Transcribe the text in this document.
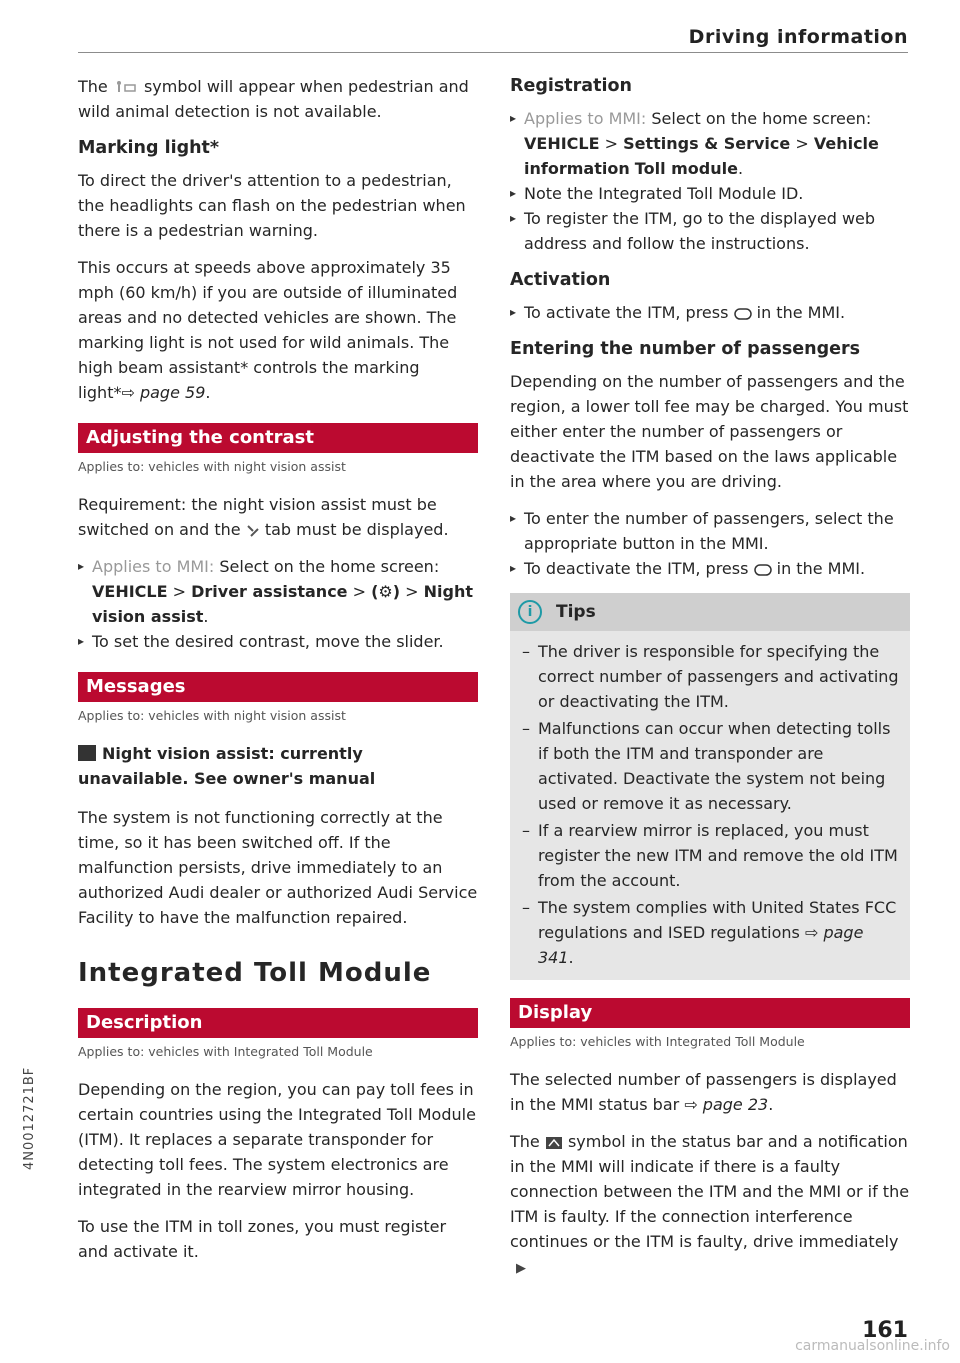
Driving information

The symbol will appear when pedestrian and wild animal detection is not available.

Marking light*

To direct the driver's attention to a pedestrian, the headlights can flash on the pedestrian when there is a pedestrian warning.

This occurs at speeds above approximately 35 mph (60 km/h) if you are outside of illuminated areas and no detected vehicles are shown. The marking light is not used for wild animals. The high beam assistant* controls the marking light*⇨ page 59.

Adjusting the contrast
Applies to: vehicles with night vision assist

Requirement: the night vision assist must be switched on and the tab must be displayed.

▸ Applies to MMI: Select on the home screen: VEHICLE > Driver assistance > (⚙) > Night vision assist.
▸ To set the desired contrast, move the slider.
Messages
Applies to: vehicles with night vision assist
Night vision assist: currently unavailable. See owner's manual

The system is not functioning correctly at the time, so it has been switched off. If the malfunction persists, drive immediately to an authorized Audi dealer or authorized Audi Service Facility to have the malfunction repaired.

Integrated Toll Module
Description
Applies to: vehicles with Integrated Toll Module

Depending on the region, you can pay toll fees in certain countries using the Integrated Toll Module (ITM). It replaces a separate transponder for detecting toll fees. The system electronics are integrated in the rearview mirror housing.

To use the ITM in toll zones, you must register and activate it.

Registration
▸ Applies to MMI: Select on the home screen: VEHICLE > Settings & Service > Vehicle information Toll module.
▸ Note the Integrated Toll Module ID.
▸ To register the ITM, go to the displayed web address and follow the instructions.
Activation
▸ To activate the ITM, press in the MMI.
Entering the number of passengers

Depending on the number of passengers and the region, a lower toll fee may be charged. You must either enter the number of passengers or deactivate the ITM based on the laws applicable in the area where you are driving.

▸ To enter the number of passengers, select the appropriate button in the MMI.
▸ To deactivate the ITM, press in the MMI.
i	Tips
– The driver is responsible for specifying the correct number of passengers and activating or deactivating the ITM.
– Malfunctions can occur when detecting tolls if both the ITM and transponder are activated. Deactivate the system not being used or remove it as necessary.
– If a rearview mirror is replaced, you must register the new ITM and remove the old ITM from the account.
– The system complies with United States FCC regulations and ISED regulations ⇨ page 341.
Display
Applies to: vehicles with Integrated Toll Module

The selected number of passengers is displayed in the MMI status bar ⇨ page 23.

The symbol in the status bar and a notification in the MMI will indicate if there is a faulty connection between the ITM and the MMI or if the ITM is faulty. If the connection interference continues or the ITM is faulty, drive immediately ▶

4N0012721BF
161
carmanualsonline.info
